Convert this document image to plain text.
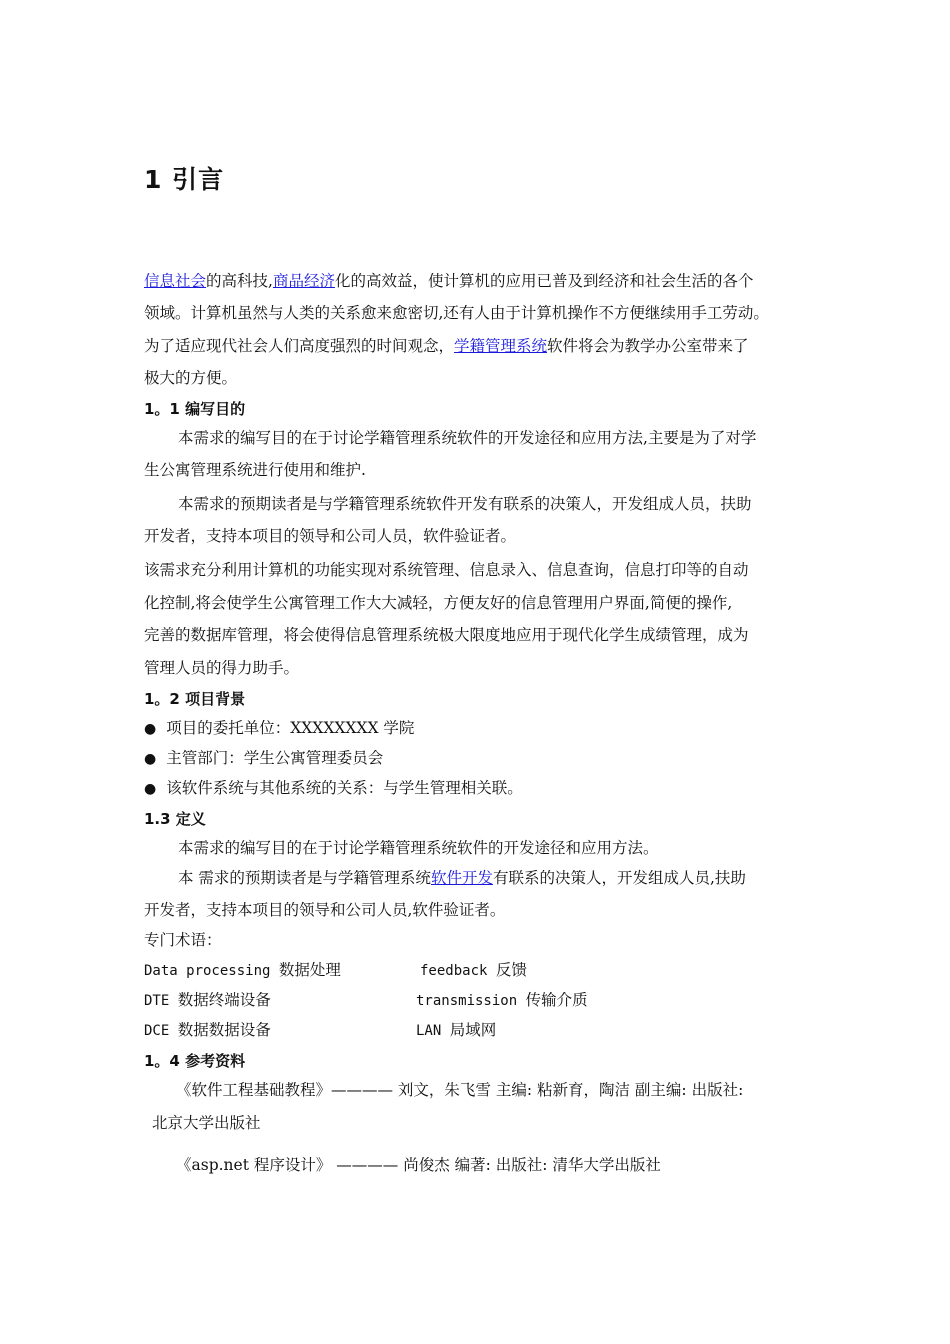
1 引言
信息社会的高科技,商品经济化的高效益，使计算机的应用已普及到经济和社会生活的各个
领域。计算机虽然与人类的关系愈来愈密切,还有人由于计算机操作不方便继续用手工劳动。
为了适应现代社会人们高度强烈的时间观念，学籍管理系统软件将会为教学办公室带来了
极大的方便。
1。1 编写目的
本需求的编写目的在于讨论学籍管理系统软件的开发途径和应用方法,主要是为了对学
生公寓管理系统进行使用和维护.
本需求的预期读者是与学籍管理系统软件开发有联系的决策人，开发组成人员，扶助
开发者，支持本项目的领导和公司人员，软件验证者。
该需求充分利用计算机的功能实现对系统管理、信息录入、信息查询，信息打印等的自动
化控制,将会使学生公寓管理工作大大减轻，方便友好的信息管理用户界面,简便的操作,
完善的数据库管理，将会使得信息管理系统极大限度地应用于现代化学生成绩管理，成为
管理人员的得力助手。
1。2 项目背景
● 项目的委托单位：XXXXXXXX 学院
● 主管部门：学生公寓管理委员会
● 该软件系统与其他系统的关系：与学生管理相关联。
1.3 定义
本需求的编写目的在于讨论学籍管理系统软件的开发途径和应用方法。
本 需求的预期读者是与学籍管理系统软件开发有联系的决策人，开发组成人员,扶助
开发者，支持本项目的领导和公司人员,软件验证者。
专门术语：
Data processing 数据处理	feedback 反馈
DTE 数据终端设备	transmission 传输介质
DCE 数据数据设备	LAN 局域网
1。4 参考资料
《软件工程基础教程》———— 刘文，朱飞雪 主编: 粘新育，陶洁 副主编: 出版社:
北京大学出版社
《asp.net 程序设计》 ———— 尚俊杰 编著: 出版社: 清华大学出版社
